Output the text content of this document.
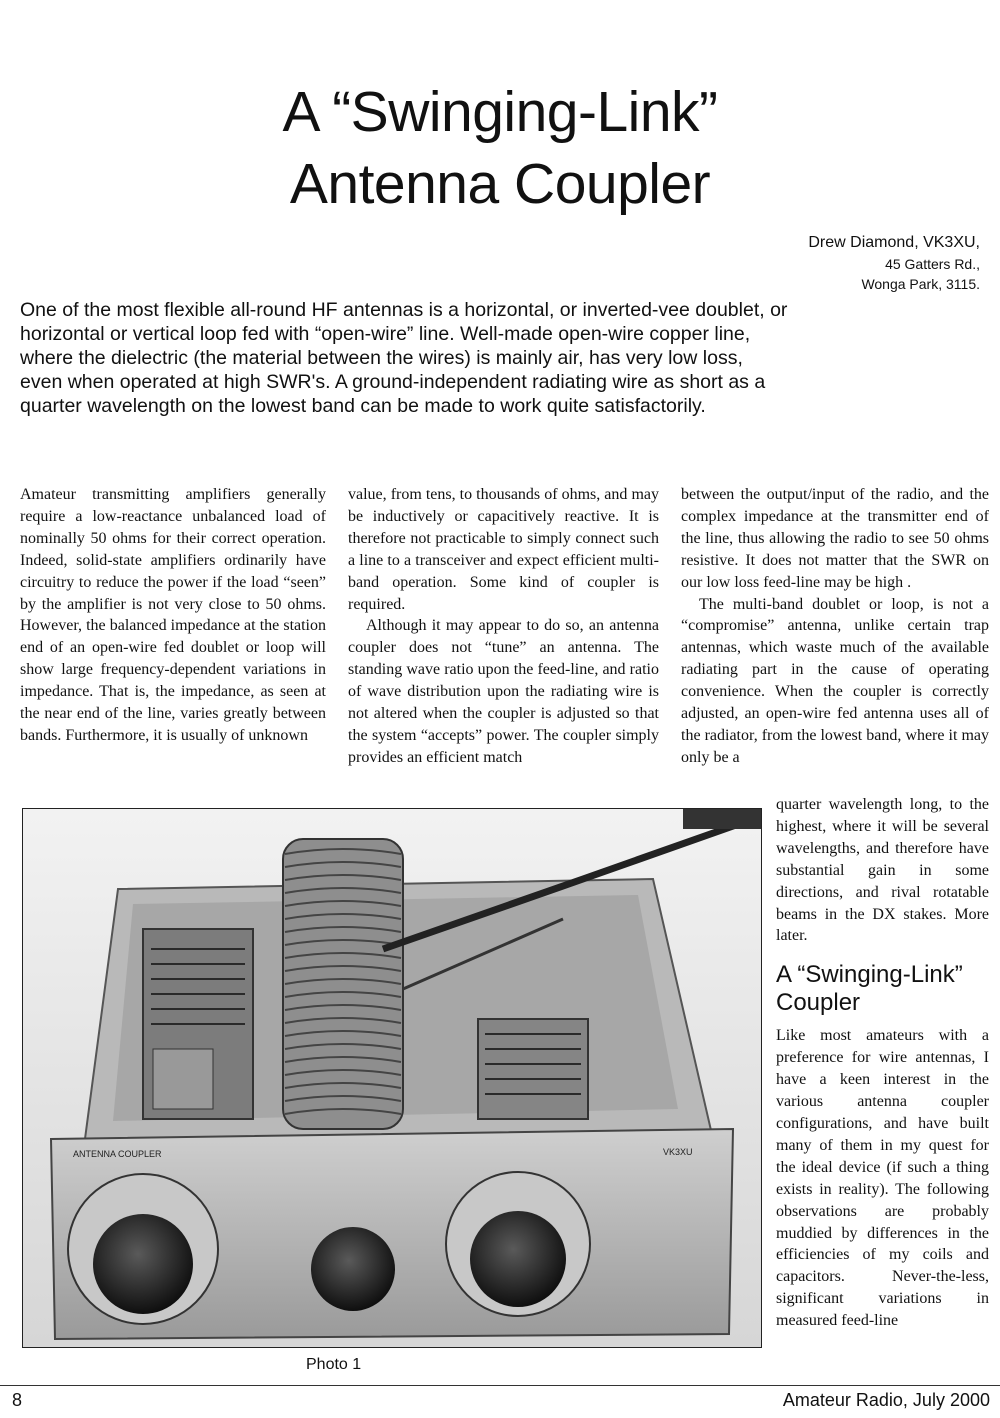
A “Swinging-Link”
Antenna Coupler
Drew Diamond, VK3XU,
45 Gatters Rd.,
Wonga Park, 3115.

One of the most flexible all-round HF antennas is a horizontal, or inverted-vee doublet, or horizontal or vertical loop fed with “open-wire” line. Well-made open-wire copper line, where the dielectric (the material between the wires) is mainly air, has very low loss, even when operated at high SWR's. A ground-independent radiating wire as short as a quarter wavelength on the lowest band can be made to work quite satisfactorily.

Amateur transmitting amplifiers generally require a low-reactance unbalanced load of nominally 50 ohms for their correct operation. Indeed, solid-state amplifiers ordinarily have circuitry to reduce the power if the load “seen” by the amplifier is not very close to 50 ohms. However, the balanced impedance at the station end of an open-wire fed doublet or loop will show large frequency-dependent variations in impedance. That is, the impedance, as seen at the near end of the line, varies greatly between bands. Furthermore, it is usually of unknown

value, from tens, to thousands of ohms, and may be inductively or capacitively reactive. It is therefore not practicable to simply connect such a line to a transceiver and expect efficient multi-band operation. Some kind of coupler is required.

Although it may appear to do so, an antenna coupler does not “tune” an antenna. The standing wave ratio upon the feed-line, and ratio of wave distribution upon the radiating wire is not altered when the coupler is adjusted so that the system “accepts” power. The coupler simply provides an efficient match

between the output/input of the radio, and the complex impedance at the transmitter end of the line, thus allowing the radio to see 50 ohms resistive. It does not matter that the SWR on our low loss feed-line may be high .

The multi-band doublet or loop, is not a “compromise” antenna, unlike certain trap antennas, which waste much of the available radiating part in the cause of operating convenience. When the coupler is correctly adjusted, an open-wire fed antenna uses all of the radiator, from the lowest band, where it may only be a

quarter wavelength long, to the highest, where it will be several wavelengths, and therefore have substantial gain in some directions, and rival rotatable beams in the DX stakes. More later.

A “Swinging-Link” Coupler

Like most amateurs with a preference for wire antennas, I have a keen interest in the various antenna coupler configurations, and have built many of them in my quest for the ideal device (if such a thing exists in reality). The following observations are probably muddied by differences in the efficiencies of my coils and capacitors. Never-the-less, significant variations in measured feed-line

ANTENNA COUPLER	VK3XU
Photo 1
8	Amateur Radio, July 2000
